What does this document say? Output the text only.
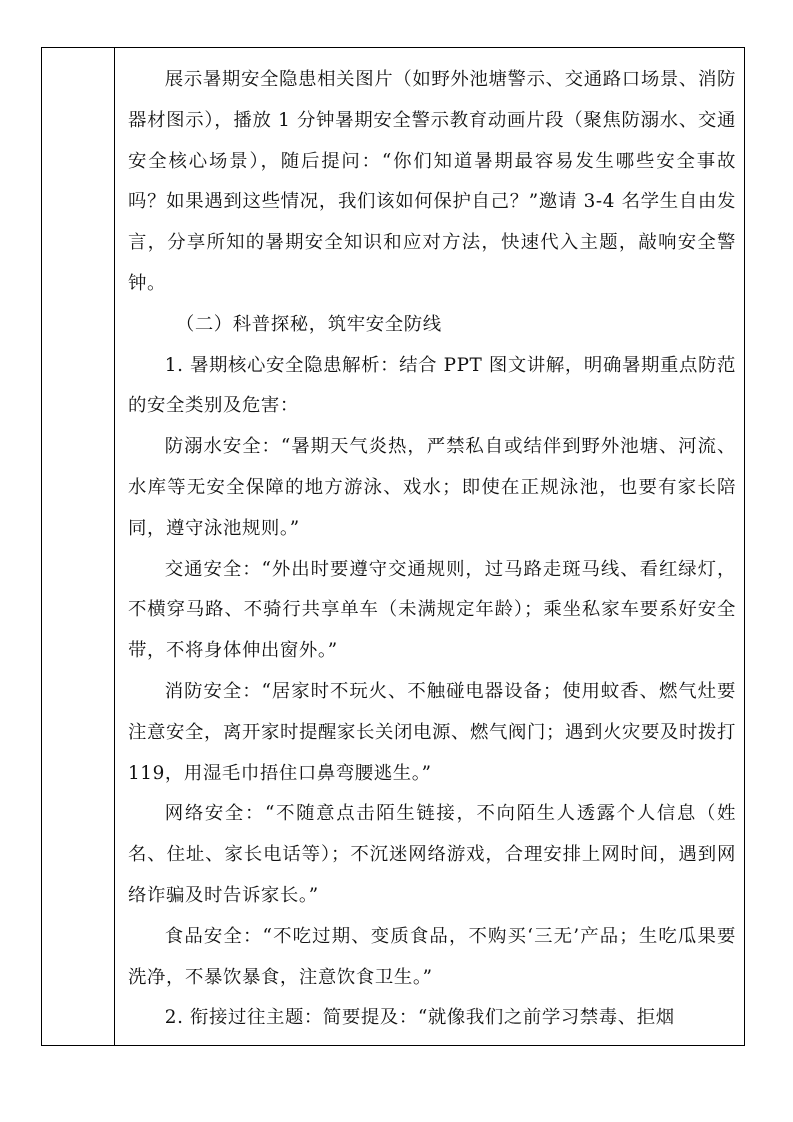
展示暑期安全隐患相关图片（如野外池塘警示、交通路口场景、消防器材图示），播放 1 分钟暑期安全警示教育动画片段（聚焦防溺水、交通安全核心场景），随后提问：“你们知道暑期最容易发生哪些安全事故吗？如果遇到这些情况，我们该如何保护自己？”邀请 3-4 名学生自由发言，分享所知的暑期安全知识和应对方法，快速代入主题，敲响安全警钟。

（二）科普探秘，筑牢安全防线

1. 暑期核心安全隐患解析：结合 PPT 图文讲解，明确暑期重点防范的安全类别及危害：

防溺水安全：“暑期天气炎热，严禁私自或结伴到野外池塘、河流、水库等无安全保障的地方游泳、戏水；即使在正规泳池，也要有家长陪同，遵守泳池规则。”

交通安全：“外出时要遵守交通规则，过马路走斑马线、看红绿灯，不横穿马路、不骑行共享单车（未满规定年龄）；乘坐私家车要系好安全带，不将身体伸出窗外。”

消防安全：“居家时不玩火、不触碰电器设备；使用蚊香、燃气灶要注意安全，离开家时提醒家长关闭电源、燃气阀门；遇到火灾要及时拨打 119，用湿毛巾捂住口鼻弯腰逃生。”

网络安全：“不随意点击陌生链接，不向陌生人透露个人信息（姓名、住址、家长电话等）；不沉迷网络游戏，合理安排上网时间，遇到网络诈骗及时告诉家长。”

食品安全：“不吃过期、变质食品，不购买‘三无’产品；生吃瓜果要洗净，不暴饮暴食，注意饮食卫生。”

2. 衔接过往主题：简要提及：“就像我们之前学习禁毒、拒烟
